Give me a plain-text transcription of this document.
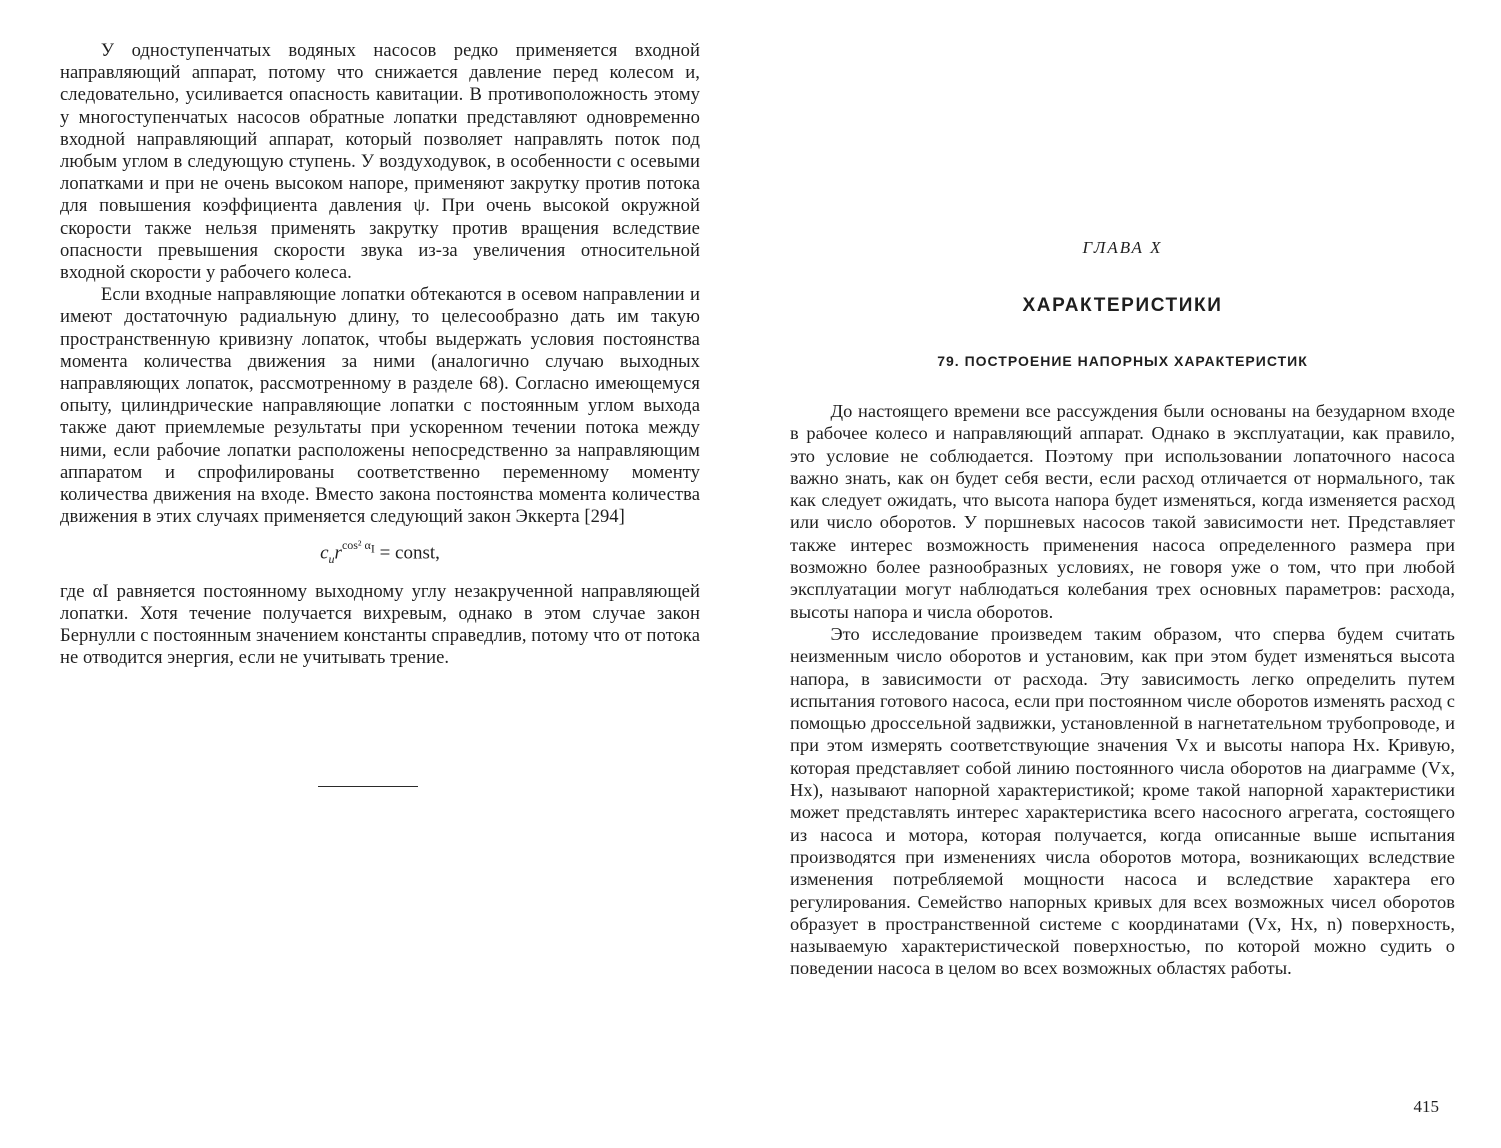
У одноступенчатых водяных насосов редко применяется входной направляющий аппарат, потому что снижается давление перед колесом и, следовательно, усиливается опасность кавитации. В противоположность этому у многоступенчатых насосов обратные лопатки представляют одновременно входной направляющий аппарат, который позволяет направлять поток под любым углом в следующую ступень. У воздуходувок, в особенности с осевыми лопатками и при не очень высоком напоре, применяют закрутку против потока для повышения коэффициента давления ψ. При очень высокой окружной скорости также нельзя применять закрутку против вращения вследствие опасности превышения скорости звука из-за увеличения относительной входной скорости у рабочего колеса.

Если входные направляющие лопатки обтекаются в осевом направлении и имеют достаточную радиальную длину, то целесообразно дать им такую пространственную кривизну лопаток, чтобы выдержать условия постоянства момента количества движения за ними (аналогично случаю выходных направляющих лопаток, рассмотренному в разделе 68). Согласно имеющемуся опыту, цилиндрические направляющие лопатки с постоянным углом выхода также дают приемлемые результаты при ускоренном течении потока между ними, если рабочие лопатки расположены непосредственно за направляющим аппаратом и спрофилированы соответственно переменному моменту количества движения на входе. Вместо закона постоянства момента количества движения в этих случаях применяется следующий закон Эккерта [294]

$c_ur^{cos^2 \alpha I}$ = const,

где αI равняется постоянному выходному углу незакрученной направляющей лопатки. Хотя течение получается вихревым, однако в этом случае закон Бернулли с постоянным значением константы справедлив, потому что от потока не отводится энергия, если не учитывать трение.

ГЛАВА X
ХАРАКТЕРИСТИКИ
79. ПОСТРОЕНИЕ НАПОРНЫХ ХАРАКТЕРИСТИК

До настоящего времени все рассуждения были основаны на безударном входе в рабочее колесо и направляющий аппарат. Однако в эксплуатации, как правило, это условие не соблюдается. Поэтому при использовании лопаточного насоса важно знать, как он будет себя вести, если расход отличается от нормального, так как следует ожидать, что высота напора будет изменяться, когда изменяется расход или число оборотов. У поршневых насосов такой зависимости нет. Представляет также интерес возможность применения насоса определенного размера при возможно более разнообразных условиях, не говоря уже о том, что при любой эксплуатации могут наблюдаться колебания трех основных параметров: расхода, высоты напора и числа оборотов.

Это исследование произведем таким образом, что сперва будем считать неизменным число оборотов и установим, как при этом будет изменяться высота напора, в зависимости от расхода. Эту зависимость легко определить путем испытания готового насоса, если при постоянном числе оборотов изменять расход с помощью дроссельной задвижки, установленной в нагнетательном трубопроводе, и при этом измерять соответствующие значения Vx и высоты напора Hx. Кривую, которая представляет собой линию постоянного числа оборотов на диаграмме (Vx, Hx), называют напорной характеристикой; кроме такой напорной характеристики может представлять интерес характеристика всего насосного агрегата, состоящего из насоса и мотора, которая получается, когда описанные выше испытания производятся при изменениях числа оборотов мотора, возникающих вследствие изменения потребляемой мощности насоса и вследствие характера его регулирования. Семейство напорных кривых для всех возможных чисел оборотов образует в пространственной системе с координатами (Vx, Hx, n) поверхность, называемую характеристической поверхностью, по которой можно судить о поведении насоса в целом во всех возможных областях работы.

415
